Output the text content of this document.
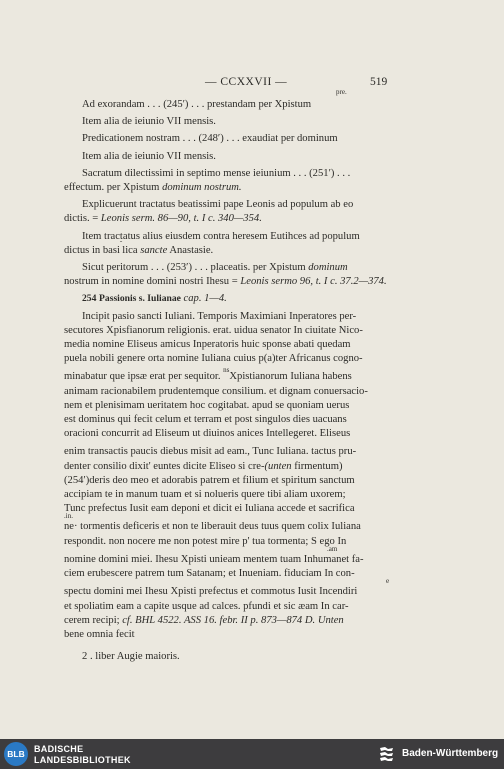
— CCXXVII —	519
Ad exorandam . . . (245′) . . . prestandam per Xpistum
Item alia de ieiunio VII mensis.
Predicationem nostram . . . (248′) . . . exaudiat per dominum
Item alia de ieiunio VII mensis.
Sacratum dilectissimi in septimo mense ieiunium . . . (251′) . . .
effectum. per Xpistum dominum nostrum.
Explicuerunt tractatus beatissimi pape Leonis ad populum ab eo
dictis. = Leonis serm. 86—90, t. I c. 340—354.
Item tractatus alius eiusdem contra heresem Eutihces ad populum
dictus in basi˜lica sancte Anastasie.
Sicut peritorum . . . (253′) . . . placeatis. per Xpistum dominum
nostrum in nomine domini nostri Ihesu = Leonis sermo 96, t. I c. 37.2—374.
254 Passionis s. Iulianae cap. 1—4.
Incipit pasio sancti Iuliani. Temporis Maximiani Inperatores per-
secutores Xpisfianorum religionis. erat. uidua senator In ciuitate Nico-
media nomine Eliseus amicus Inperatoris huic sponse abati quedam
puela nobili genere orta nomine Iuliana cuius p(a)ter Africanus cogno-
minabatur que ipsæ erat per sequitor. $^{ns}$Xpistianorum Iuliana habens
animam racionabilem prudentemque consilium. et dignam conuersacio-
nem et plenisimam ueritatem hoc cogitabat. apud se quoniam uerus
est dominus qui fecit celum et terram et post singulos dies uacuans
oracioni concurrit ad Eliseum ut diuinos anices Intellegeret. Eliseus
pre.
enim transactis paucis diebus misit ad eam., Tunc Iuliana. tactus pru-
denter consilio dixit' euntes dicite Eliseo si cre-(unten firmentum)
(254′)deris deo meo et adorabis patrem et filium et spiritum sanctum
accipiam te in manum tuam et si nolueris quere tibi aliam uxorem;
Tunc prefectus Iusit eam deponi et dicit ei Iuliana accede et sacrifica
.in.
ne· tormentis deficeris et non te liberauit deus tuus quem colix Iuliana
respondit. non nocere me non potest mire p' tua tormenta; S ego In
.am
nomine domini miei. Ihesu Xpisti unieam mentem tuam Inhumanet fa-
ciem erubescere patrem tum Satanam; et Inueniam. fiduciam In con-
e
spectu domini mei Ihesu Xpisti prefectus et commotus Iusit Incendiri
et spoliatim eam a capite usque ad calces. pfundi et sic æam In car-
cerem recipi; cf. BHL 4522. ASS 16. febr. II p. 873—874 D. Unten
bene omnia fecit
2 . liber Augie maioris.
BLB	BADISCHE
LANDESBIBLIOTHEK
Baden-Württemberg
